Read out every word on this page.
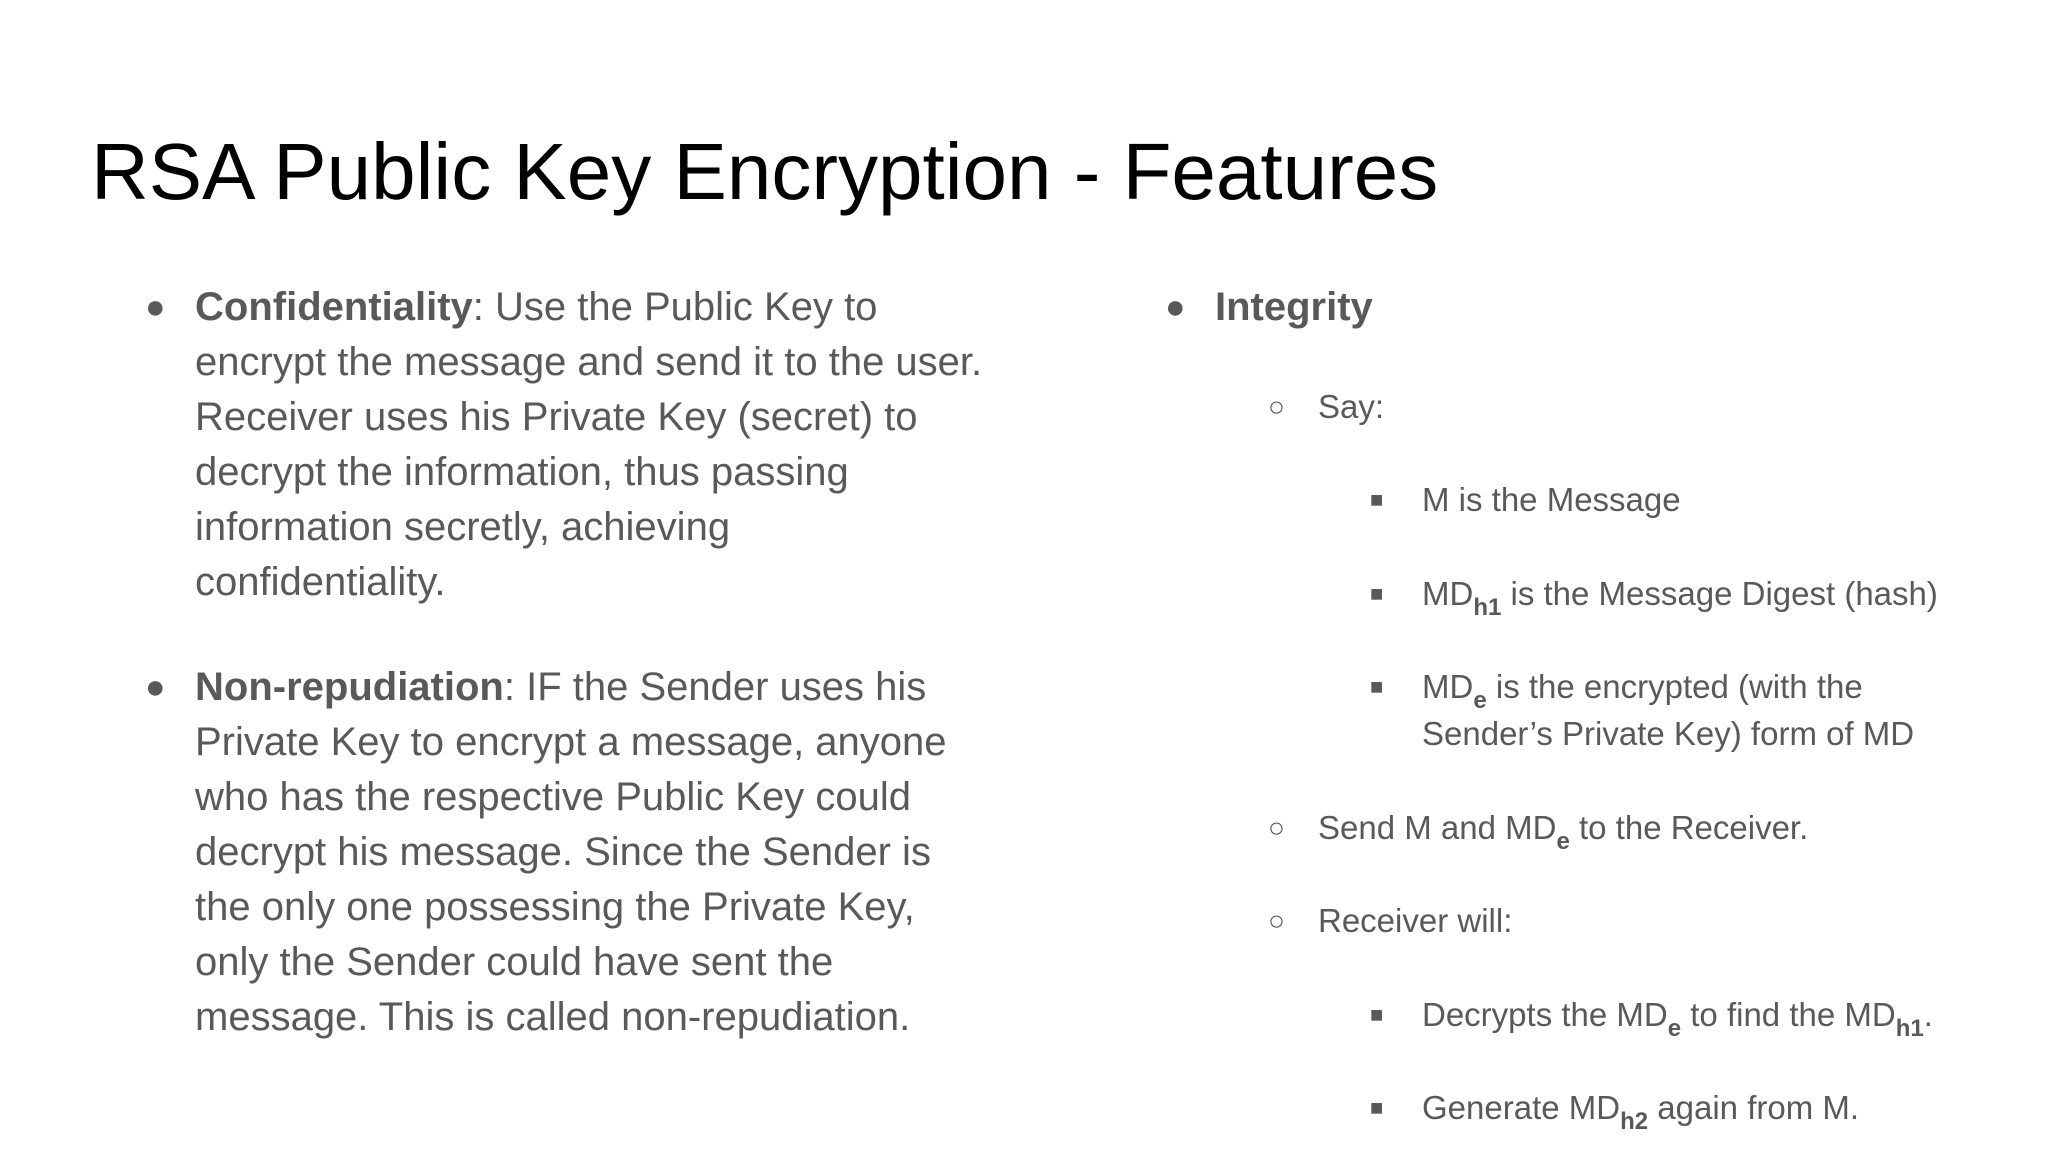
RSA Public Key Encryption - Features
● Confidentiality: Use the Public Key to encrypt the message and send it to the user. Receiver uses his Private Key (secret) to decrypt the information, thus passing information secretly, achieving confidentiality.
● Non-repudiation: IF the Sender uses his Private Key to encrypt a message, anyone who has the respective Public Key could decrypt his message. Since the Sender is the only one possessing the Private Key, only the Sender could have sent the message. This is called non-repudiation.
● Integrity
○ Say:
■ M is the Message
■ $MD_{h1}$ is the Message Digest (hash)
■ $MD_e$ is the encrypted (with the Sender’s Private Key) form of MD
○ Send M and $MD_e$ to the Receiver.
○ Receiver will:
■ Decrypts the $MD_e$ to find the $MD_{h1}$.
■ Generate $MD_{h2}$ again from M.
